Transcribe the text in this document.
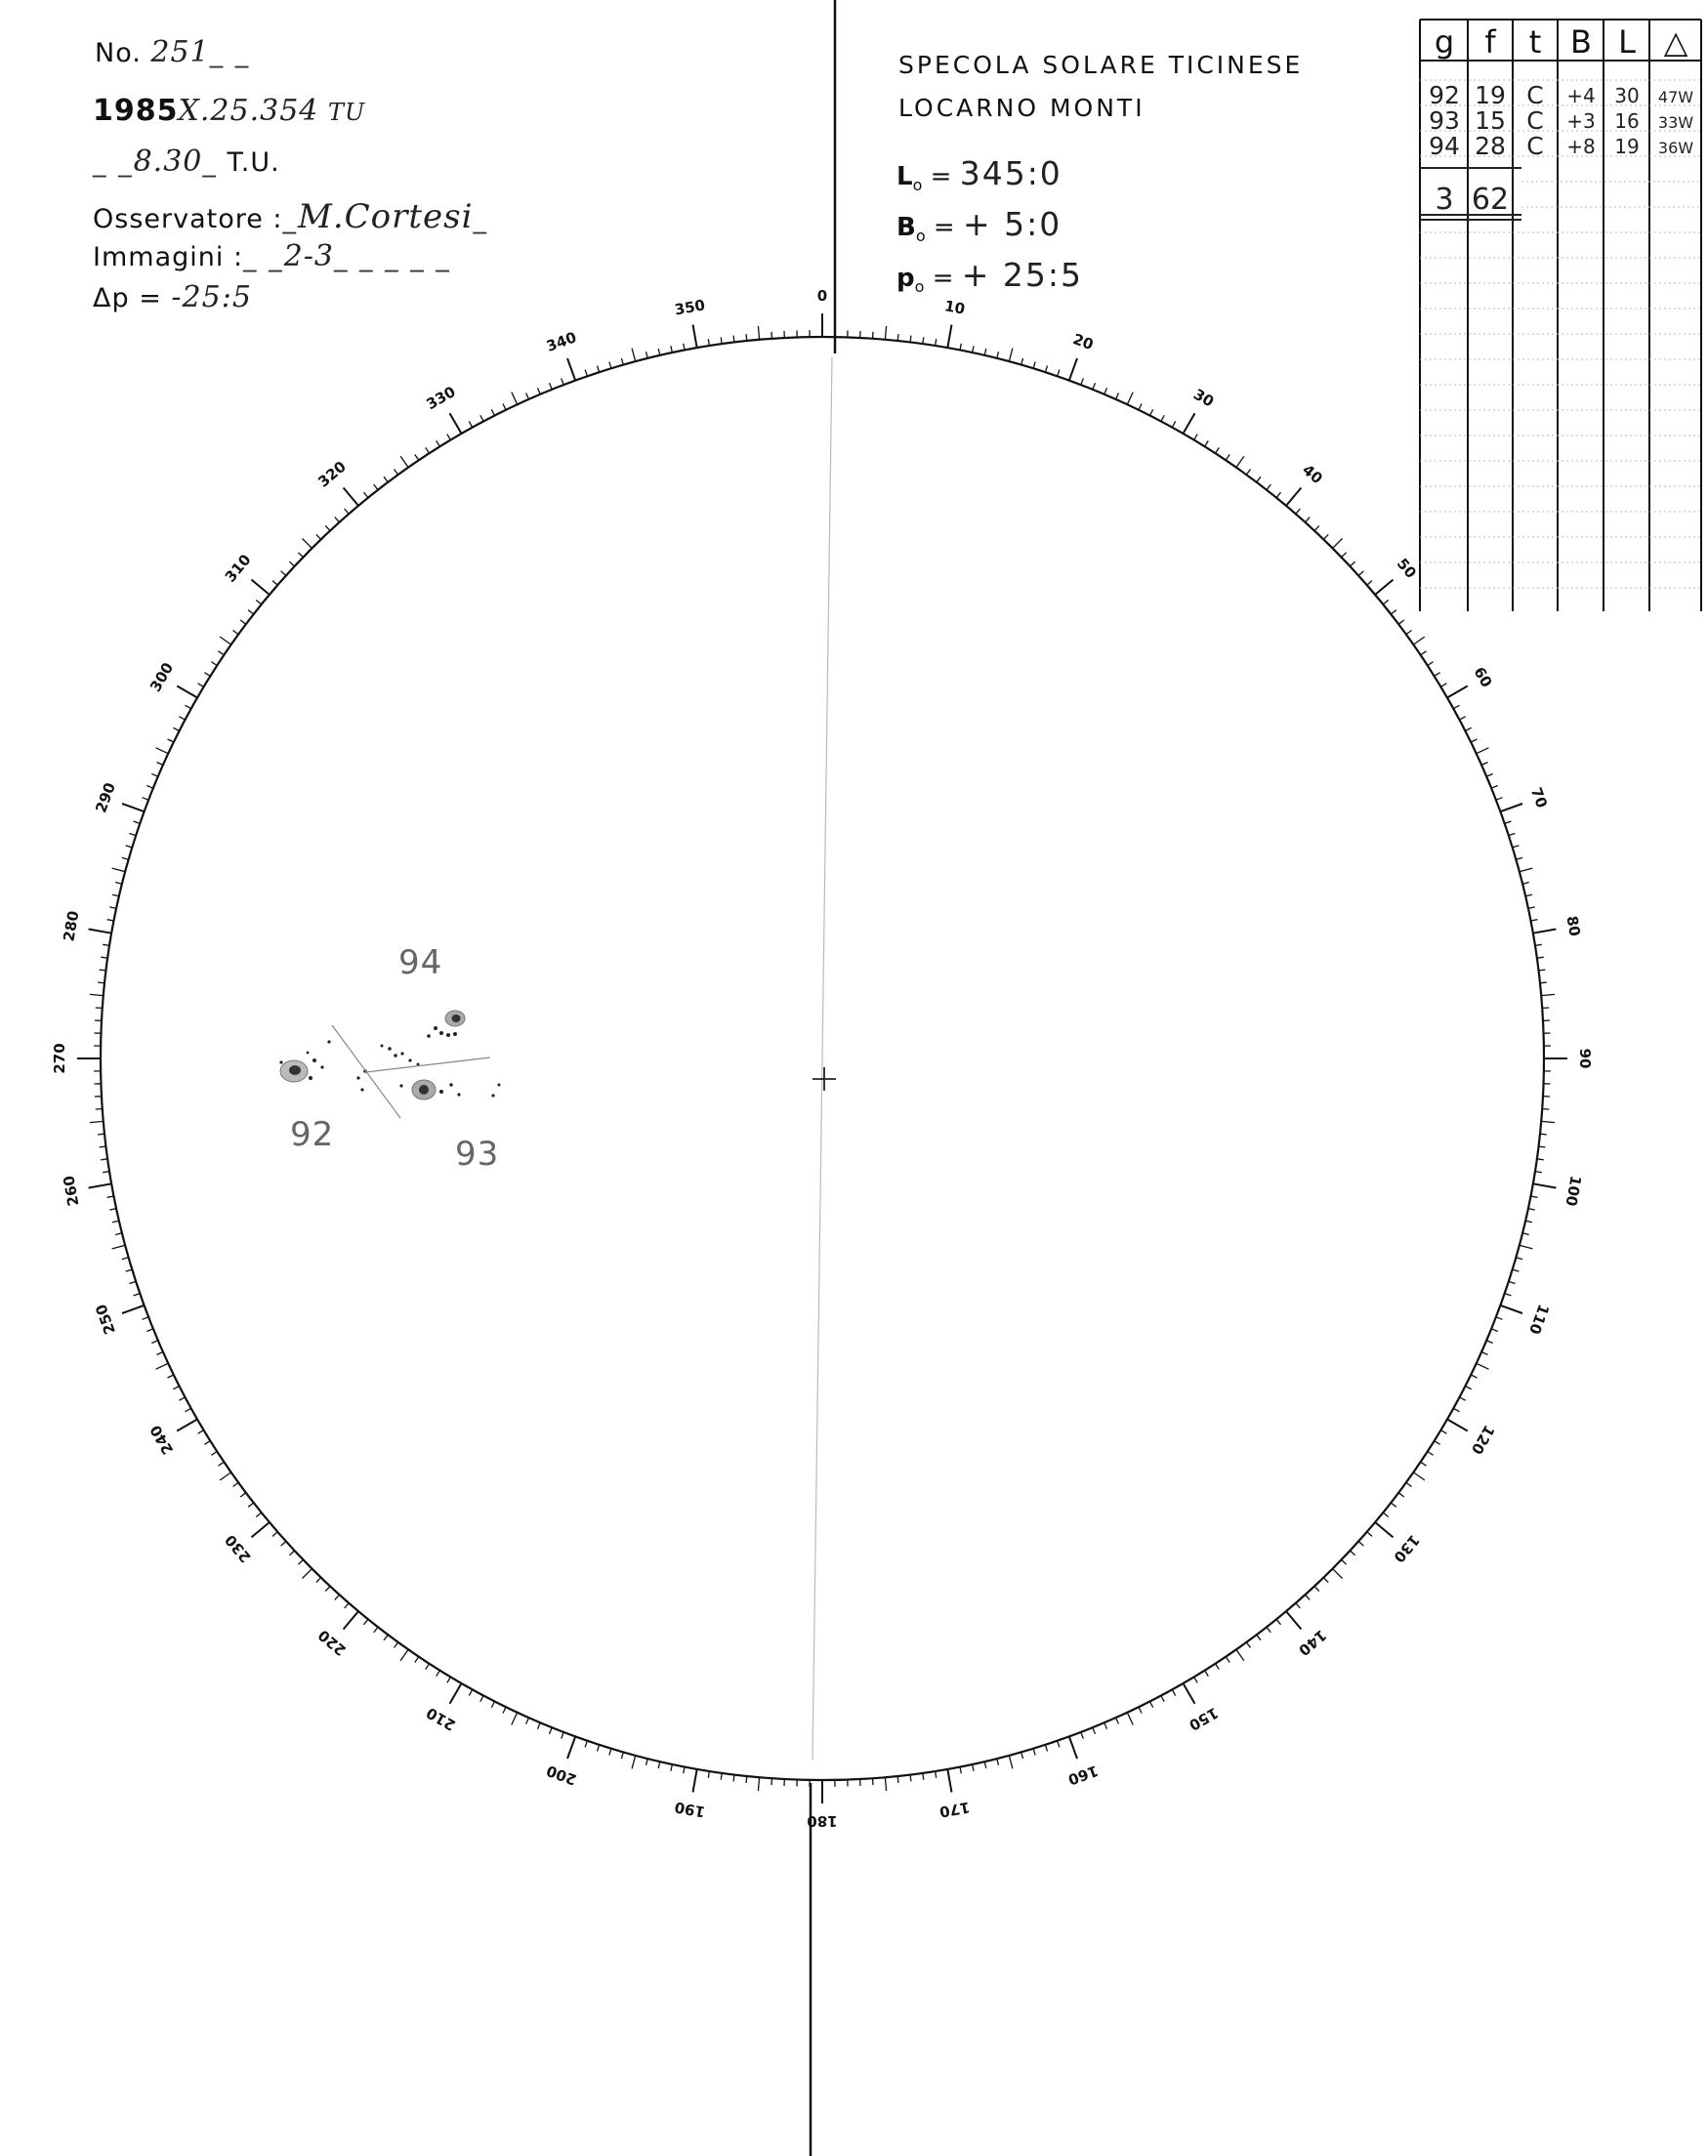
No. 251_ _
1985X.25.354 TU
_ _8.30_ T.U.
Osservatore :_M.Cortesi_
Immagini :_ _2-3_ _ _ _ _
Δp = -25:5
SPECOLA SOLARE TICINESE
LOCARNO MONTI
$L_o$ = 345:0
$B_o$ = + 5:0
$p_o$ = + 25:5
0
10
20
30
40
50
60
70
80
90
100
110
120
130
140
150
160
170
180
190
200
210
220
230
240
250
260
270
280
290
300
310
320
330
340
350
94
92	93
g f t B L △
92 19 C +4 30 47W
93 15 C +3 16 33W
94 28 C +8 19 36W
3 62
